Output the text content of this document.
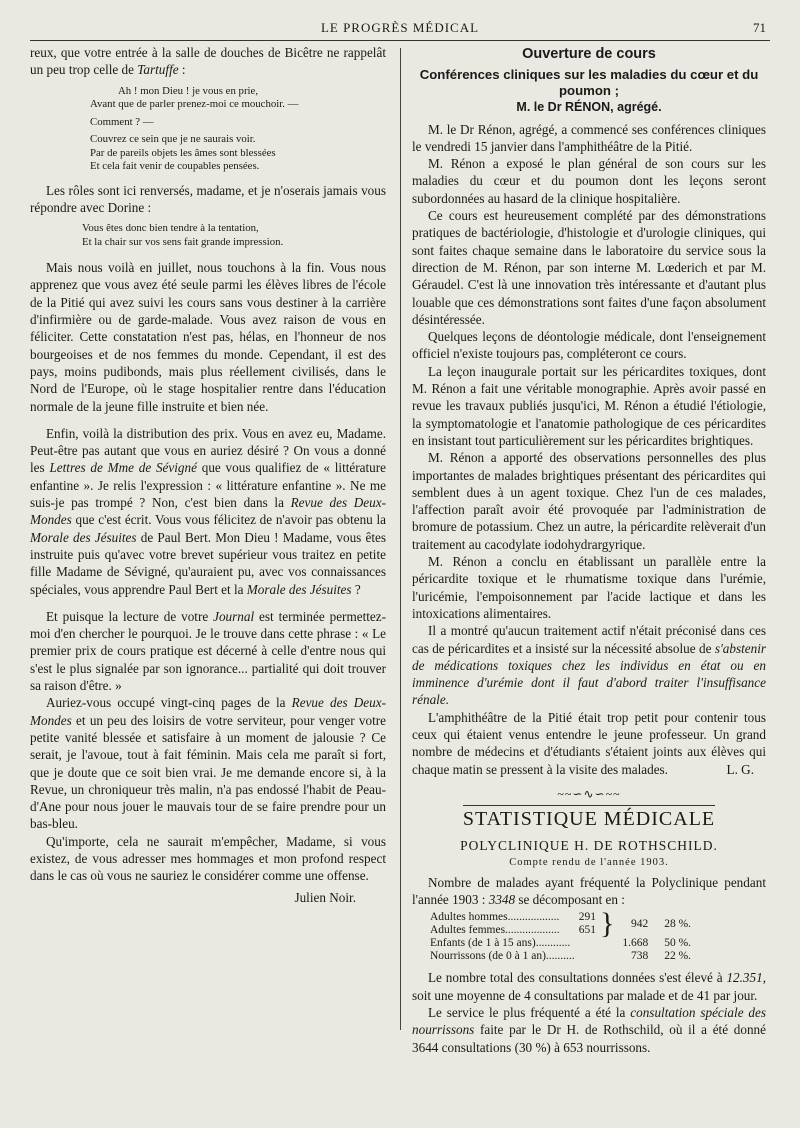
LE PROGRÈS MÉDICAL	71

reux, que votre entrée à la salle de douches de Bicêtre ne rappelât un peu trop celle de Tartuffe :

Ah ! mon Dieu ! je vous en prie,
Avant que de parler prenez-moi ce mouchoir. —
Comment ? —
Couvrez ce sein que je ne saurais voir.
Par de pareils objets les âmes sont blessées
Et cela fait venir de coupables pensées.

Les rôles sont ici renversés, madame, et je n'oserais jamais vous répondre avec Dorine :

Vous êtes donc bien tendre à la tentation,
Et la chair sur vos sens fait grande impression.

Mais nous voilà en juillet, nous touchons à la fin. Vous nous apprenez que vous avez été seule parmi les élèves libres de l'école de la Pitié qui avez suivi les cours sans vous destiner à la carrière d'infirmière ou de garde-malade. Vous avez raison de vous en féliciter. Cette constatation n'est pas, hélas, en l'honneur de nos bourgeoises et de nos femmes du monde. Cependant, il est des pays, moins pudibonds, mais plus réellement civilisés, dans le Nord de l'Europe, où le stage hospitalier rentre dans l'éducation normale de la jeune fille instruite et bien née.

Enfin, voilà la distribution des prix. Vous en avez eu, Madame. Peut-être pas autant que vous en auriez désiré ? On vous a donné les Lettres de Mme de Sévigné que vous qualifiez de « littérature enfantine ». Je relis l'expression : « littérature enfantine ». Ne me suis-je pas trompé ? Non, c'est bien dans la Revue des Deux-Mondes que c'est écrit. Vous vous félicitez de n'avoir pas obtenu la Morale des Jésuites de Paul Bert. Mon Dieu ! Madame, vous êtes instruite puis qu'avec votre brevet supérieur vous traitez en petite fille Madame de Sévigné, qu'auraient pu, avec vos connaissances spéciales, vous apprendre Paul Bert et la Morale des Jésuites ?

Et puisque la lecture de votre Journal est terminée permettez-moi d'en chercher le pourquoi. Je le trouve dans cette phrase : « Le premier prix de cours pratique est décerné à celle d'entre nous qui s'est le plus signalée par son ignorance... partialité qui doit trouver sa raison d'être. »

Auriez-vous occupé vingt-cinq pages de la Revue des Deux-Mondes et un peu des loisirs de votre serviteur, pour venger votre petite vanité blessée et satisfaire à un moment de jalousie ? Ce serait, je l'avoue, tout à fait féminin. Mais cela me paraît si fort, que je doute que ce soit bien vrai. Je me demande encore si, à la Revue, un chroniqueur très malin, n'a pas endossé l'habit de Peau-d'Ane pour nous jouer le mauvais tour de se faire prendre pour un bas-bleu.

Qu'importe, cela ne saurait m'empêcher, Madame, si vous existez, de vous adresser mes hommages et mon profond respect dans le cas où vous ne sauriez le considérer comme une offense.

Julien Noir.

Ouverture de cours

Conférences cliniques sur les maladies du cœur et du poumon ;

M. le Dr RÉNON, agrégé.

M. le Dr Rénon, agrégé, a commencé ses conférences cliniques le vendredi 15 janvier dans l'amphithéâtre de la Pitié.

M. Rénon a exposé le plan général de son cours sur les maladies du cœur et du poumon dont les leçons seront subordonnées au hasard de la clinique hospitalière.

Ce cours est heureusement complété par des démonstrations pratiques de bactériologie, d'histologie et d'urologie cliniques, qui sont faites chaque semaine dans le laboratoire du service sous la direction de M. Rénon, par son interne M. Lœderich et par M. Géraudel. C'est là une innovation très intéressante et d'autant plus louable que ces démonstrations sont faites d'une façon absolument désintéressée.

Quelques leçons de déontologie médicale, dont l'enseignement officiel n'existe toujours pas, compléteront ce cours.

La leçon inaugurale portait sur les péricardites toxiques, dont M. Rénon a fait une véritable monographie. Après avoir passé en revue les travaux publiés jusqu'ici, M. Rénon a étudié l'étiologie, la symptomatologie et l'anatomie pathologique de ces péricardites en insistant tout particulièrement sur les péricardites brightiques.

M. Rénon a apporté des observations personnelles des plus importantes de malades brightiques présentant des péricardites qui semblent dues à un agent toxique. Chez l'un de ces malades, l'affection paraît avoir été provoquée par l'administration de bromure de potassium. Chez un autre, la péricardite relèverait d'un traitement au cacodylate iodohydrargyrique.

M. Rénon a conclu en établissant un parallèle entre la péricardite toxique et le rhumatisme toxique dans l'urémie, l'uricémie, l'empoisonnement par l'acide lactique et dans les intoxications alimentaires.

Il a montré qu'aucun traitement actif n'était préconisé dans ces cas de péricardites et a insisté sur la nécessité absolue de s'abstenir de médications toxiques chez les individus en état ou en imminence d'urémie dont il faut d'abord traiter l'insuffisance rénale.

L'amphithéâtre de la Pitié était trop petit pour contenir tous ceux qui étaient venus entendre le jeune professeur. Un grand nombre de médecins et d'étudiants s'étaient joints aux élèves qui chaque matin se pressent à la visite des malades.	L. G.

~~∽∿∽~~

STATISTIQUE MÉDICALE

POLYCLINIQUE H. DE ROTHSCHILD.

Compte rendu de l'année 1903.

Nombre de malades ayant fréquenté la Polyclinique pendant l'année 1903 : 3348 se décomposant en :

Adultes hommes..................	291	}	942	28 %.
Adultes femmes...................	651			
Enfants (de 1 à 15 ans)............			1.668	50 %.
Nourrissons (de 0 à 1 an)..........			738	22 %.

Le nombre total des consultations données s'est élevé à 12.351, soit une moyenne de 4 consultations par malade et de 41 par jour.

Le service le plus fréquenté a été la consultation spéciale des nourrissons faite par le Dr H. de Rothschild, où il a été donné 3644 consultations (30 %) à 653 nourrissons.
